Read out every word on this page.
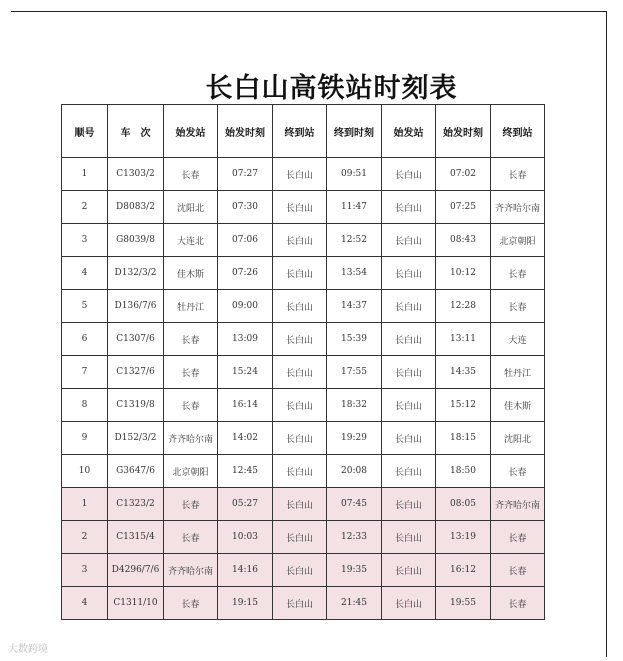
长白山高铁站时刻表
顺号	车　次	始发站	始发时刻	终到站	终到时刻	始发站	始发时刻	终到站
1	C1303/2	长春	07:27	长白山	09:51	长白山	07:02	长春
2	D8083/2	沈阳北	07:30	长白山	11:47	长白山	07:25	齐齐哈尔南
3	G8039/8	大连北	07:06	长白山	12:52	长白山	08:43	北京朝阳
4	D132/3/2	佳木斯	07:26	长白山	13:54	长白山	10:12	长春
5	D136/7/6	牡丹江	09:00	长白山	14:37	长白山	12:28	长春
6	C1307/6	长春	13:09	长白山	15:39	长白山	13:11	大连
7	C1327/6	长春	15:24	长白山	17:55	长白山	14:35	牡丹江
8	C1319/8	长春	16:14	长白山	18:32	长白山	15:12	佳木斯
9	D152/3/2	齐齐哈尔南	14:02	长白山	19:29	长白山	18:15	沈阳北
10	G3647/6	北京朝阳	12:45	长白山	20:08	长白山	18:50	长春
1	C1323/2	长春	05:27	长白山	07:45	长白山	08:05	齐齐哈尔南
2	C1315/4	长春	10:03	长白山	12:33	长白山	13:19	长春
3	D4296/7/6	齐齐哈尔南	14:16	长白山	19:35	长白山	16:12	长春
4	C1311/10	长春	19:15	长白山	21:45	长白山	19:55	长春
大数跨境
